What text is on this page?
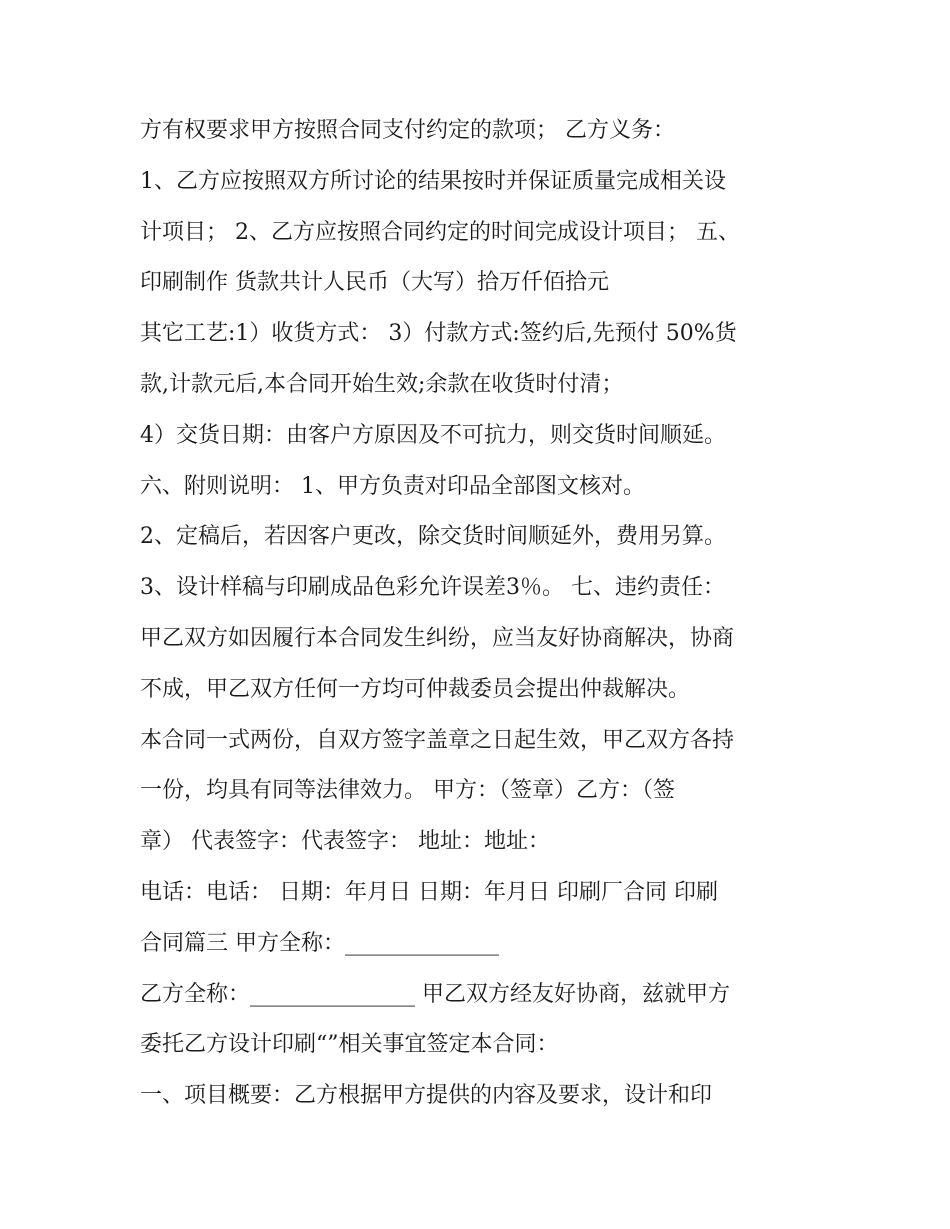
方有权要求甲方按照合同支付约定的款项； 乙方义务：
1、乙方应按照双方所讨论的结果按时并保证质量完成相关设
计项目； 2、乙方应按照合同约定的时间完成设计项目； 五、
印刷制作 货款共计人民币（大写）拾万仟佰拾元
其它工艺:1）收货方式： 3）付款方式:签约后,先预付 50%货
款,计款元后,本合同开始生效;余款在收货时付清；
4）交货日期：由客户方原因及不可抗力，则交货时间顺延。
六、附则说明： 1、甲方负责对印品全部图文核对。
2、定稿后，若因客户更改，除交货时间顺延外，费用另算。
3、设计样稿与印刷成品色彩允许误差3％。 七、违约责任：
甲乙双方如因履行本合同发生纠纷，应当友好协商解决，协商
不成，甲乙双方任何一方均可仲裁委员会提出仲裁解决。
本合同一式两份，自双方签字盖章之日起生效，甲乙双方各持
一份，均具有同等法律效力。 甲方：（签章）乙方：（签
章） 代表签字：代表签字： 地址：地址：
电话：电话： 日期：年月日 日期：年月日 印刷厂合同 印刷
合同篇三 甲方全称：______________
乙方全称：_______________ 甲乙双方经友好协商，兹就甲方
委托乙方设计印刷“”相关事宜签定本合同：
一、项目概要：乙方根据甲方提供的内容及要求，设计和印
